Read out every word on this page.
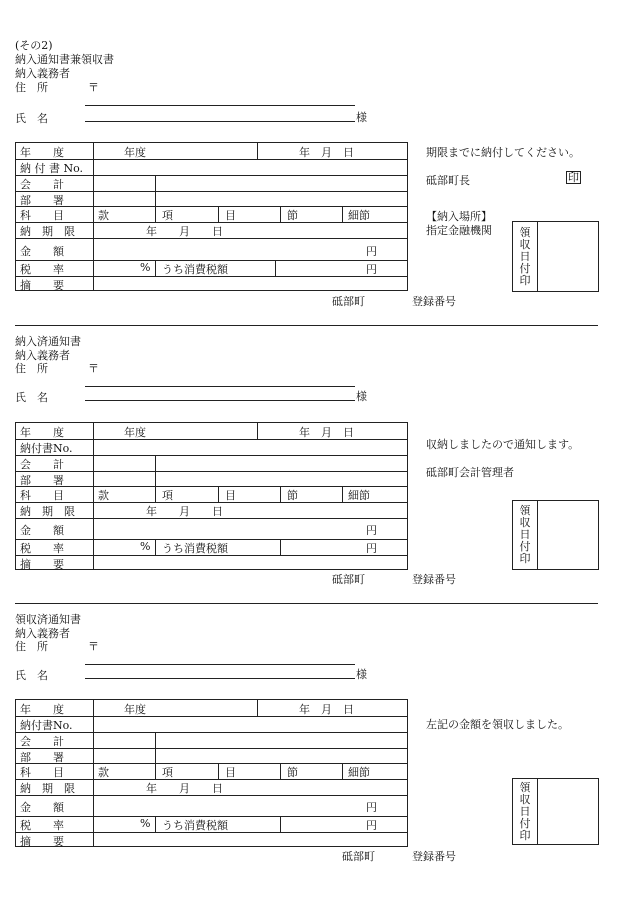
(その2)
納入通知書兼領収書
納入義務者
住　所	〒
氏　名	様
年　　度	年度	年　月　日
納 付 書 No.
会　　計
部　　署
科　　目	款	項	目	節	細節
納　期　限	年　　月　　日
金　　額	円
税　　率	% うち消費税額	円
摘　　要
期限までに納付してください。
砥部町長	印
【納入場所】
指定金融機関	領
収
日
付
印
砥部町	登録番号
納入済通知書
納入義務者
住　所	〒
氏　名	様
年　　度	年度	年　月　日
納付書No.
会　　計
部　　署
科　　目	款	項	目	節	細節
納　期　限	年　　月　　日
金　　額	円
税　　率	% うち消費税額	円
摘　　要
収納しましたので通知します。
砥部町会計管理者
領
収
日
付
印
砥部町	登録番号
領収済通知書
納入義務者
住　所	〒
氏　名	様
年　　度	年度	年　月　日
納付書No.
会　　計
部　　署
科　　目	款	項	目	節	細節
納　期　限	年　　月　　日
金　　額	円
税　　率	% うち消費税額	円
摘　　要
左記の金額を領収しました。
領
収
日
付
印
砥部町	登録番号
